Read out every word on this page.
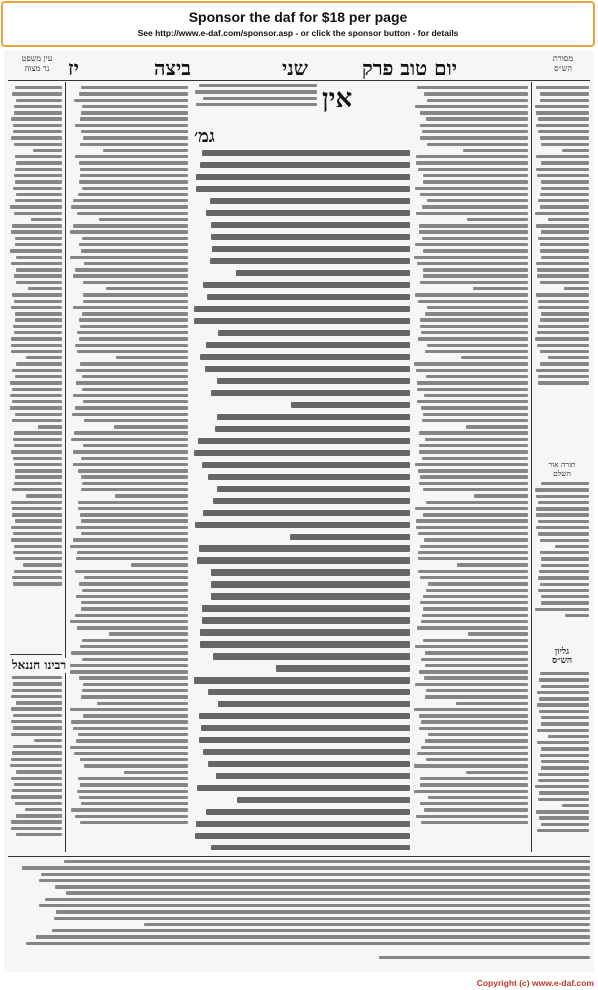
Sponsor the daf for $18 per page
See http://www.e-daf.com/sponsor.asp - or click the sponsor button - for details
עין משפט
נר מצוה יז	ביצה	שני	יום טוב פרק	מסורת
הש״ס
אין
גמ׳
תורה אור
השלם
גליון
הש״ס
רבינו חננאל
Copyright (c) www.e-daf.com
